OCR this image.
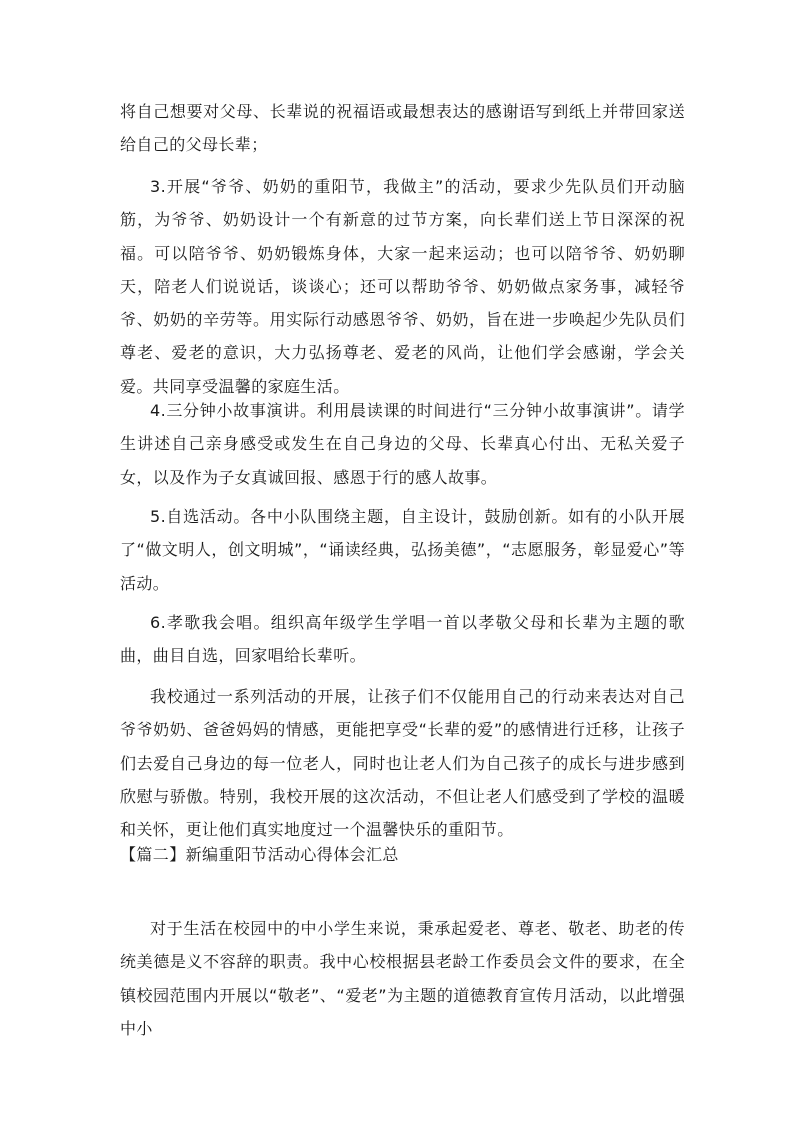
将自己想要对父母、长辈说的祝福语或最想表达的感谢语写到纸上并带回家送给自己的父母长辈；

3.开展“爷爷、奶奶的重阳节，我做主”的活动，要求少先队员们开动脑筋，为爷爷、奶奶设计一个有新意的过节方案，向长辈们送上节日深深的祝福。可以陪爷爷、奶奶锻炼身体，大家一起来运动；也可以陪爷爷、奶奶聊天，陪老人们说说话，谈谈心；还可以帮助爷爷、奶奶做点家务事，减轻爷爷、奶奶的辛劳等。用实际行动感恩爷爷、奶奶，旨在进一步唤起少先队员们尊老、爱老的意识，大力弘扬尊老、爱老的风尚，让他们学会感谢，学会关爱。共同享受温馨的家庭生活。

4.三分钟小故事演讲。利用晨读课的时间进行“三分钟小故事演讲”。请学生讲述自己亲身感受或发生在自己身边的父母、长辈真心付出、无私关爱子女，以及作为子女真诚回报、感恩于行的感人故事。

5.自选活动。各中小队围绕主题，自主设计，鼓励创新。如有的小队开展了“做文明人，创文明城”，“诵读经典，弘扬美德”，“志愿服务，彰显爱心”等活动。

6.孝歌我会唱。组织高年级学生学唱一首以孝敬父母和长辈为主题的歌曲，曲目自选，回家唱给长辈听。

我校通过一系列活动的开展，让孩子们不仅能用自己的行动来表达对自己爷爷奶奶、爸爸妈妈的情感，更能把享受“长辈的爱”的感情进行迁移，让孩子们去爱自己身边的每一位老人，同时也让老人们为自己孩子的成长与进步感到欣慰与骄傲。特别，我校开展的这次活动，不但让老人们感受到了学校的温暖和关怀，更让他们真实地度过一个温馨快乐的重阳节。

【篇二】新编重阳节活动心得体会汇总

对于生活在校园中的中小学生来说，秉承起爱老、尊老、敬老、助老的传统美德是义不容辞的职责。我中心校根据县老龄工作委员会文件的要求，在全镇校园范围内开展以“敬老”、“爱老”为主题的道德教育宣传月活动，以此增强中小
